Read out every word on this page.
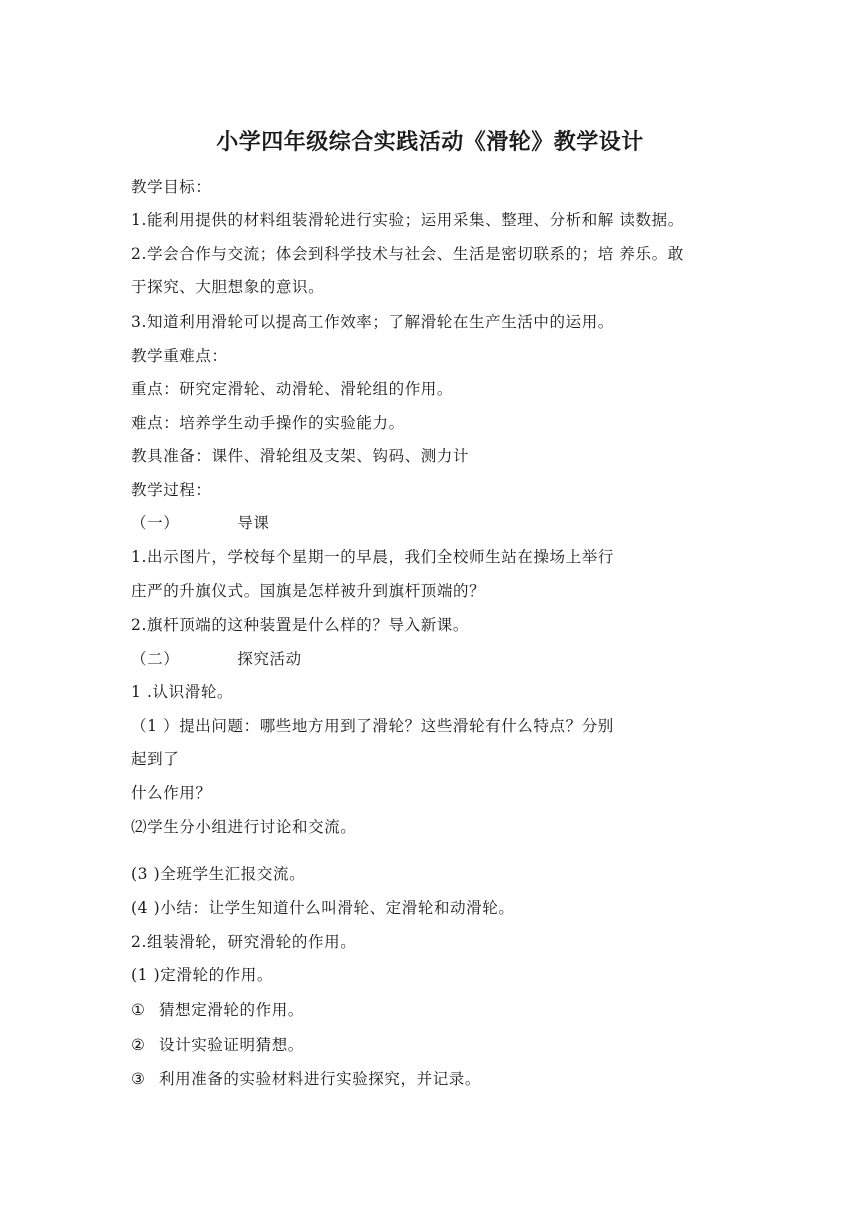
小学四年级综合实践活动《滑轮》教学设计
教学目标：
1.能利用提供的材料组装滑轮进行实验；运用采集、整理、分析和解 读数据。
2.学会合作与交流；体会到科学技术与社会、生活是密切联系的；培 养乐。敢
于探究、大胆想象的意识。
3.知道利用滑轮可以提高工作效率；了解滑轮在生产生活中的运用。
教学重难点：
重点：研究定滑轮、动滑轮、滑轮组的作用。
难点：培养学生动手操作的实验能力。
教具准备：课件、滑轮组及支架、钩码、测力计
教学过程：
（一）	导课
1.出示图片，学校每个星期一的早晨，我们全校师生站在操场上举行
庄严的升旗仪式。国旗是怎样被升到旗杆顶端的？
2.旗杆顶端的这种装置是什么样的？导入新课。
（二）	探究活动
1 .认识滑轮。
（1 ）提出问题：哪些地方用到了滑轮？这些滑轮有什么特点？分别
起到了
什么作用？
⑵学生分小组进行讨论和交流。
(3 )全班学生汇报交流。
(4 )小结：让学生知道什么叫滑轮、定滑轮和动滑轮。
2.组装滑轮，研究滑轮的作用。
(1 )定滑轮的作用。
① 猜想定滑轮的作用。
② 设计实验证明猜想。
③ 利用准备的实验材料进行实验探究，并记录。
